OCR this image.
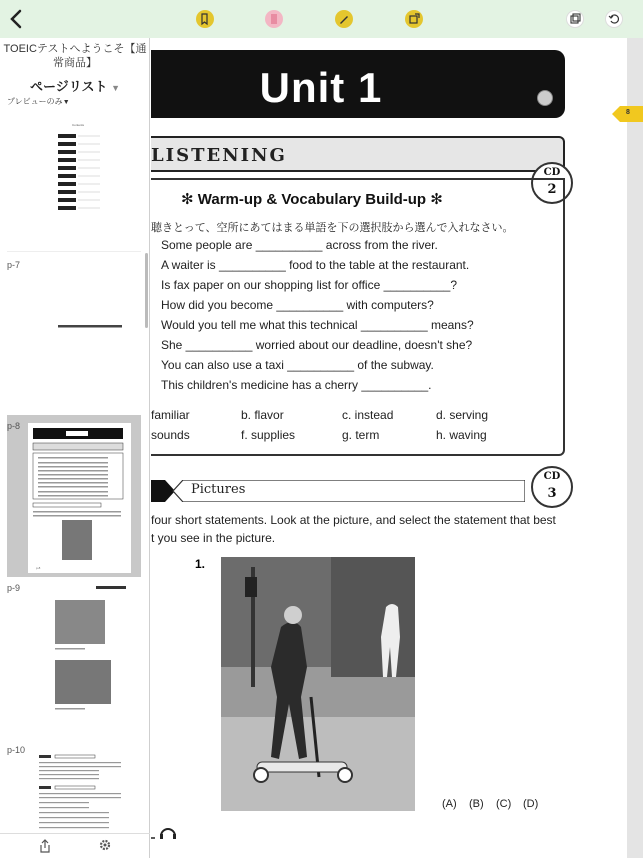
TOEICテストへようこそ【通常商品】
ページリスト ▼
プレビューのみ▼
Contents
p-7
p-8
p-8
p-9
p-10
Unit 1
LISTENING
CD
2
✻ Warm-up & Vocabulary Build-up ✻
聴きとって、空所にあてはまる単語を下の選択肢から選んで入れなさい。
Some people are __________ across from the river.
A waiter is __________ food to the table at the restaurant.
Is fax paper on our shopping list for office __________?
How did you become __________ with computers?
Would you tell me what this technical __________ means?
She __________ worried about our deadline, doesn't she?
You can also use a taxi __________ of the subway.
This children's medicine has a cherry __________.
familiar	b. flavor	c. instead	d. serving
sounds	f. supplies	g. term	h. waving
Pictures
CD
3
four short statements. Look at the picture, and select the statement that best
t you see in the picture.
1.
(A) (B) (C) (D)
8
